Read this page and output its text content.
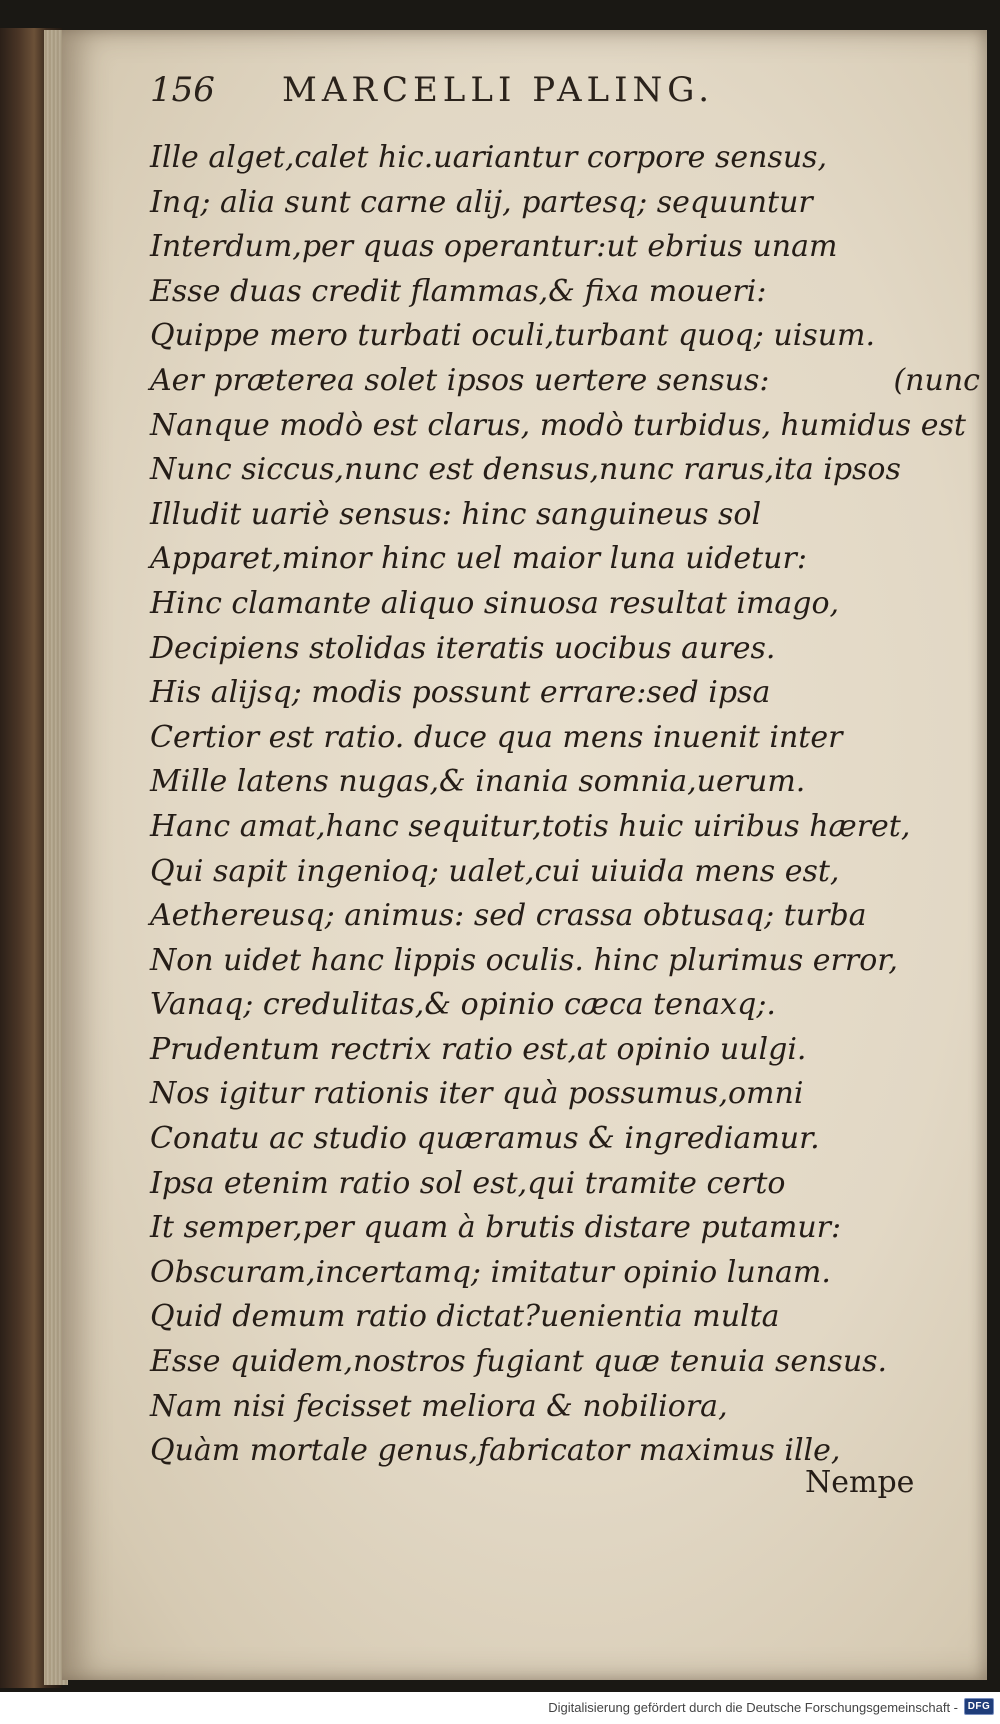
156 MARCELLI PALING.
Ille alget,calet hic.uariantur corpore sensus,
Inq; alia sunt carne alij, partesq; sequuntur
Interdum,per quas operantur:ut ebrius unam
Esse duas credit flammas,& fixa moueri:
Quippe mero turbati oculi,turbant quoq; uisum.
Aer præterea solet ipsos uertere sensus:             (nunc
Nanque modò est clarus, modò turbidus, humidus est
Nunc siccus,nunc est densus,nunc rarus,ita ipsos
Illudit uariè sensus: hinc sanguineus sol
Apparet,minor hinc uel maior luna uidetur:
Hinc clamante aliquo sinuosa resultat imago,
Decipiens stolidas iteratis uocibus aures.
His alijsq; modis possunt errare:sed ipsa
Certior est ratio. duce qua mens inuenit inter
Mille latens nugas,& inania somnia,uerum.
Hanc amat,hanc sequitur,totis huic uiribus hæret,
Qui sapit ingenioq; ualet,cui uiuida mens est,
Aethereusq; animus: sed crassa obtusaq; turba
Non uidet hanc lippis oculis. hinc plurimus error,
Vanaq; credulitas,& opinio cæca tenaxq;.
Prudentum rectrix ratio est,at opinio uulgi.
Nos igitur rationis iter quà possumus,omni
Conatu ac studio quæramus & ingrediamur.
Ipsa etenim ratio sol est,qui tramite certo
It semper,per quam à brutis distare putamur:
Obscuram,incertamq; imitatur opinio lunam.
Quid demum ratio dictat?uenientia multa
Esse quidem,nostros fugiant quæ tenuia sensus.
Nam nisi fecisset meliora & nobiliora,
Quàm mortale genus,fabricator maximus ille,
Nempe
Digitalisierung gefördert durch die Deutsche Forschungsgemeinschaft - DFG
